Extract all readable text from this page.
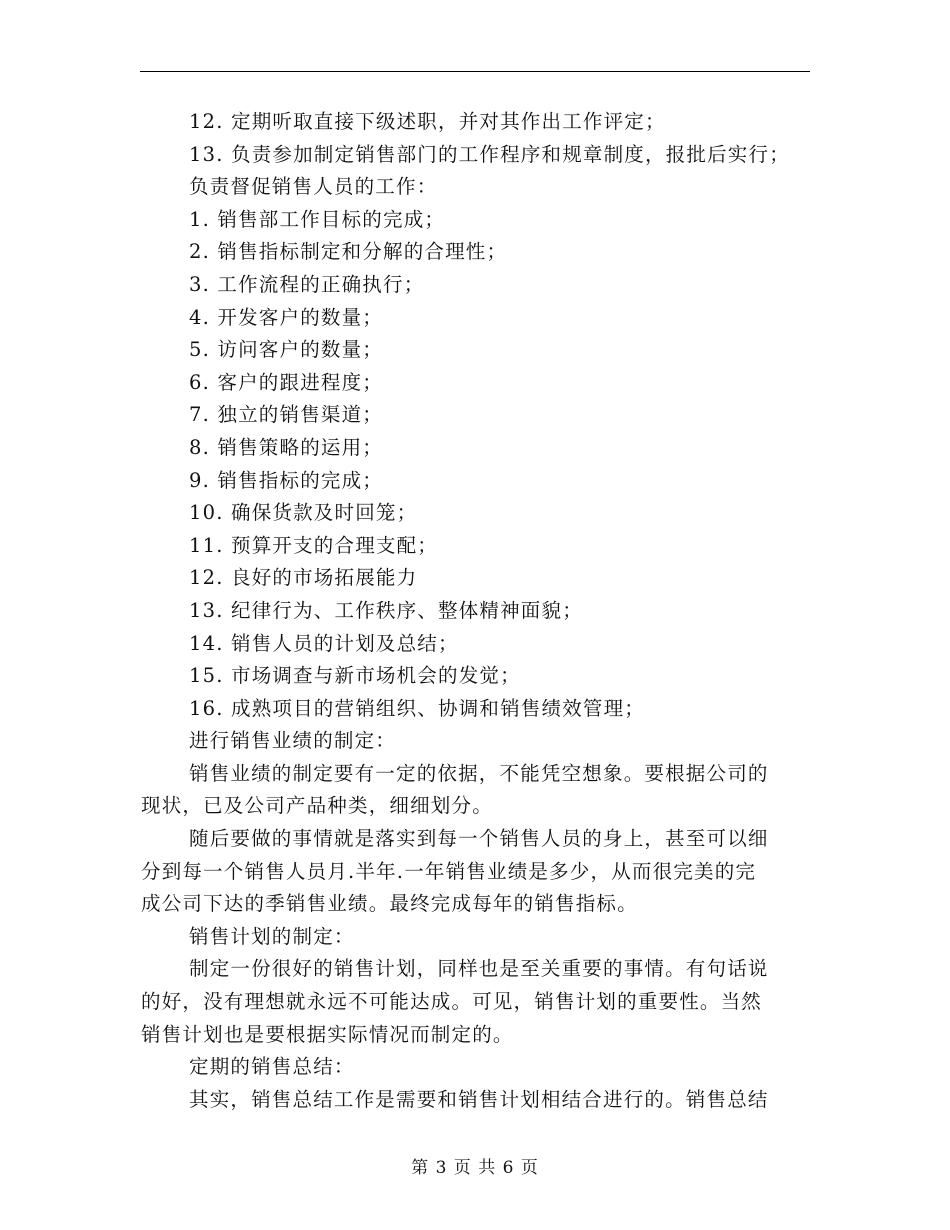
12. 定期听取直接下级述职，并对其作出工作评定；
13. 负责参加制定销售部门的工作程序和规章制度，报批后实行；
负责督促销售人员的工作：
1. 销售部工作目标的完成；
2. 销售指标制定和分解的合理性；
3. 工作流程的正确执行；
4. 开发客户的数量；
5. 访问客户的数量；
6. 客户的跟进程度；
7. 独立的销售渠道；
8. 销售策略的运用；
9. 销售指标的完成；
10. 确保货款及时回笼；
11. 预算开支的合理支配；
12. 良好的市场拓展能力
13. 纪律行为、工作秩序、整体精神面貌；
14. 销售人员的计划及总结；
15. 市场调查与新市场机会的发觉；
16. 成熟项目的营销组织、协调和销售绩效管理；
进行销售业绩的制定：
销售业绩的制定要有一定的依据，不能凭空想象。要根据公司的
现状，已及公司产品种类，细细划分。
随后要做的事情就是落实到每一个销售人员的身上，甚至可以细
分到每一个销售人员月.半年.一年销售业绩是多少，从而很完美的完
成公司下达的季销售业绩。最终完成每年的销售指标。
销售计划的制定：
制定一份很好的销售计划，同样也是至关重要的事情。有句话说
的好，没有理想就永远不可能达成。可见，销售计划的重要性。当然
销售计划也是要根据实际情况而制定的。
定期的销售总结：
其实，销售总结工作是需要和销售计划相结合进行的。销售总结
第 3 页 共 6 页
